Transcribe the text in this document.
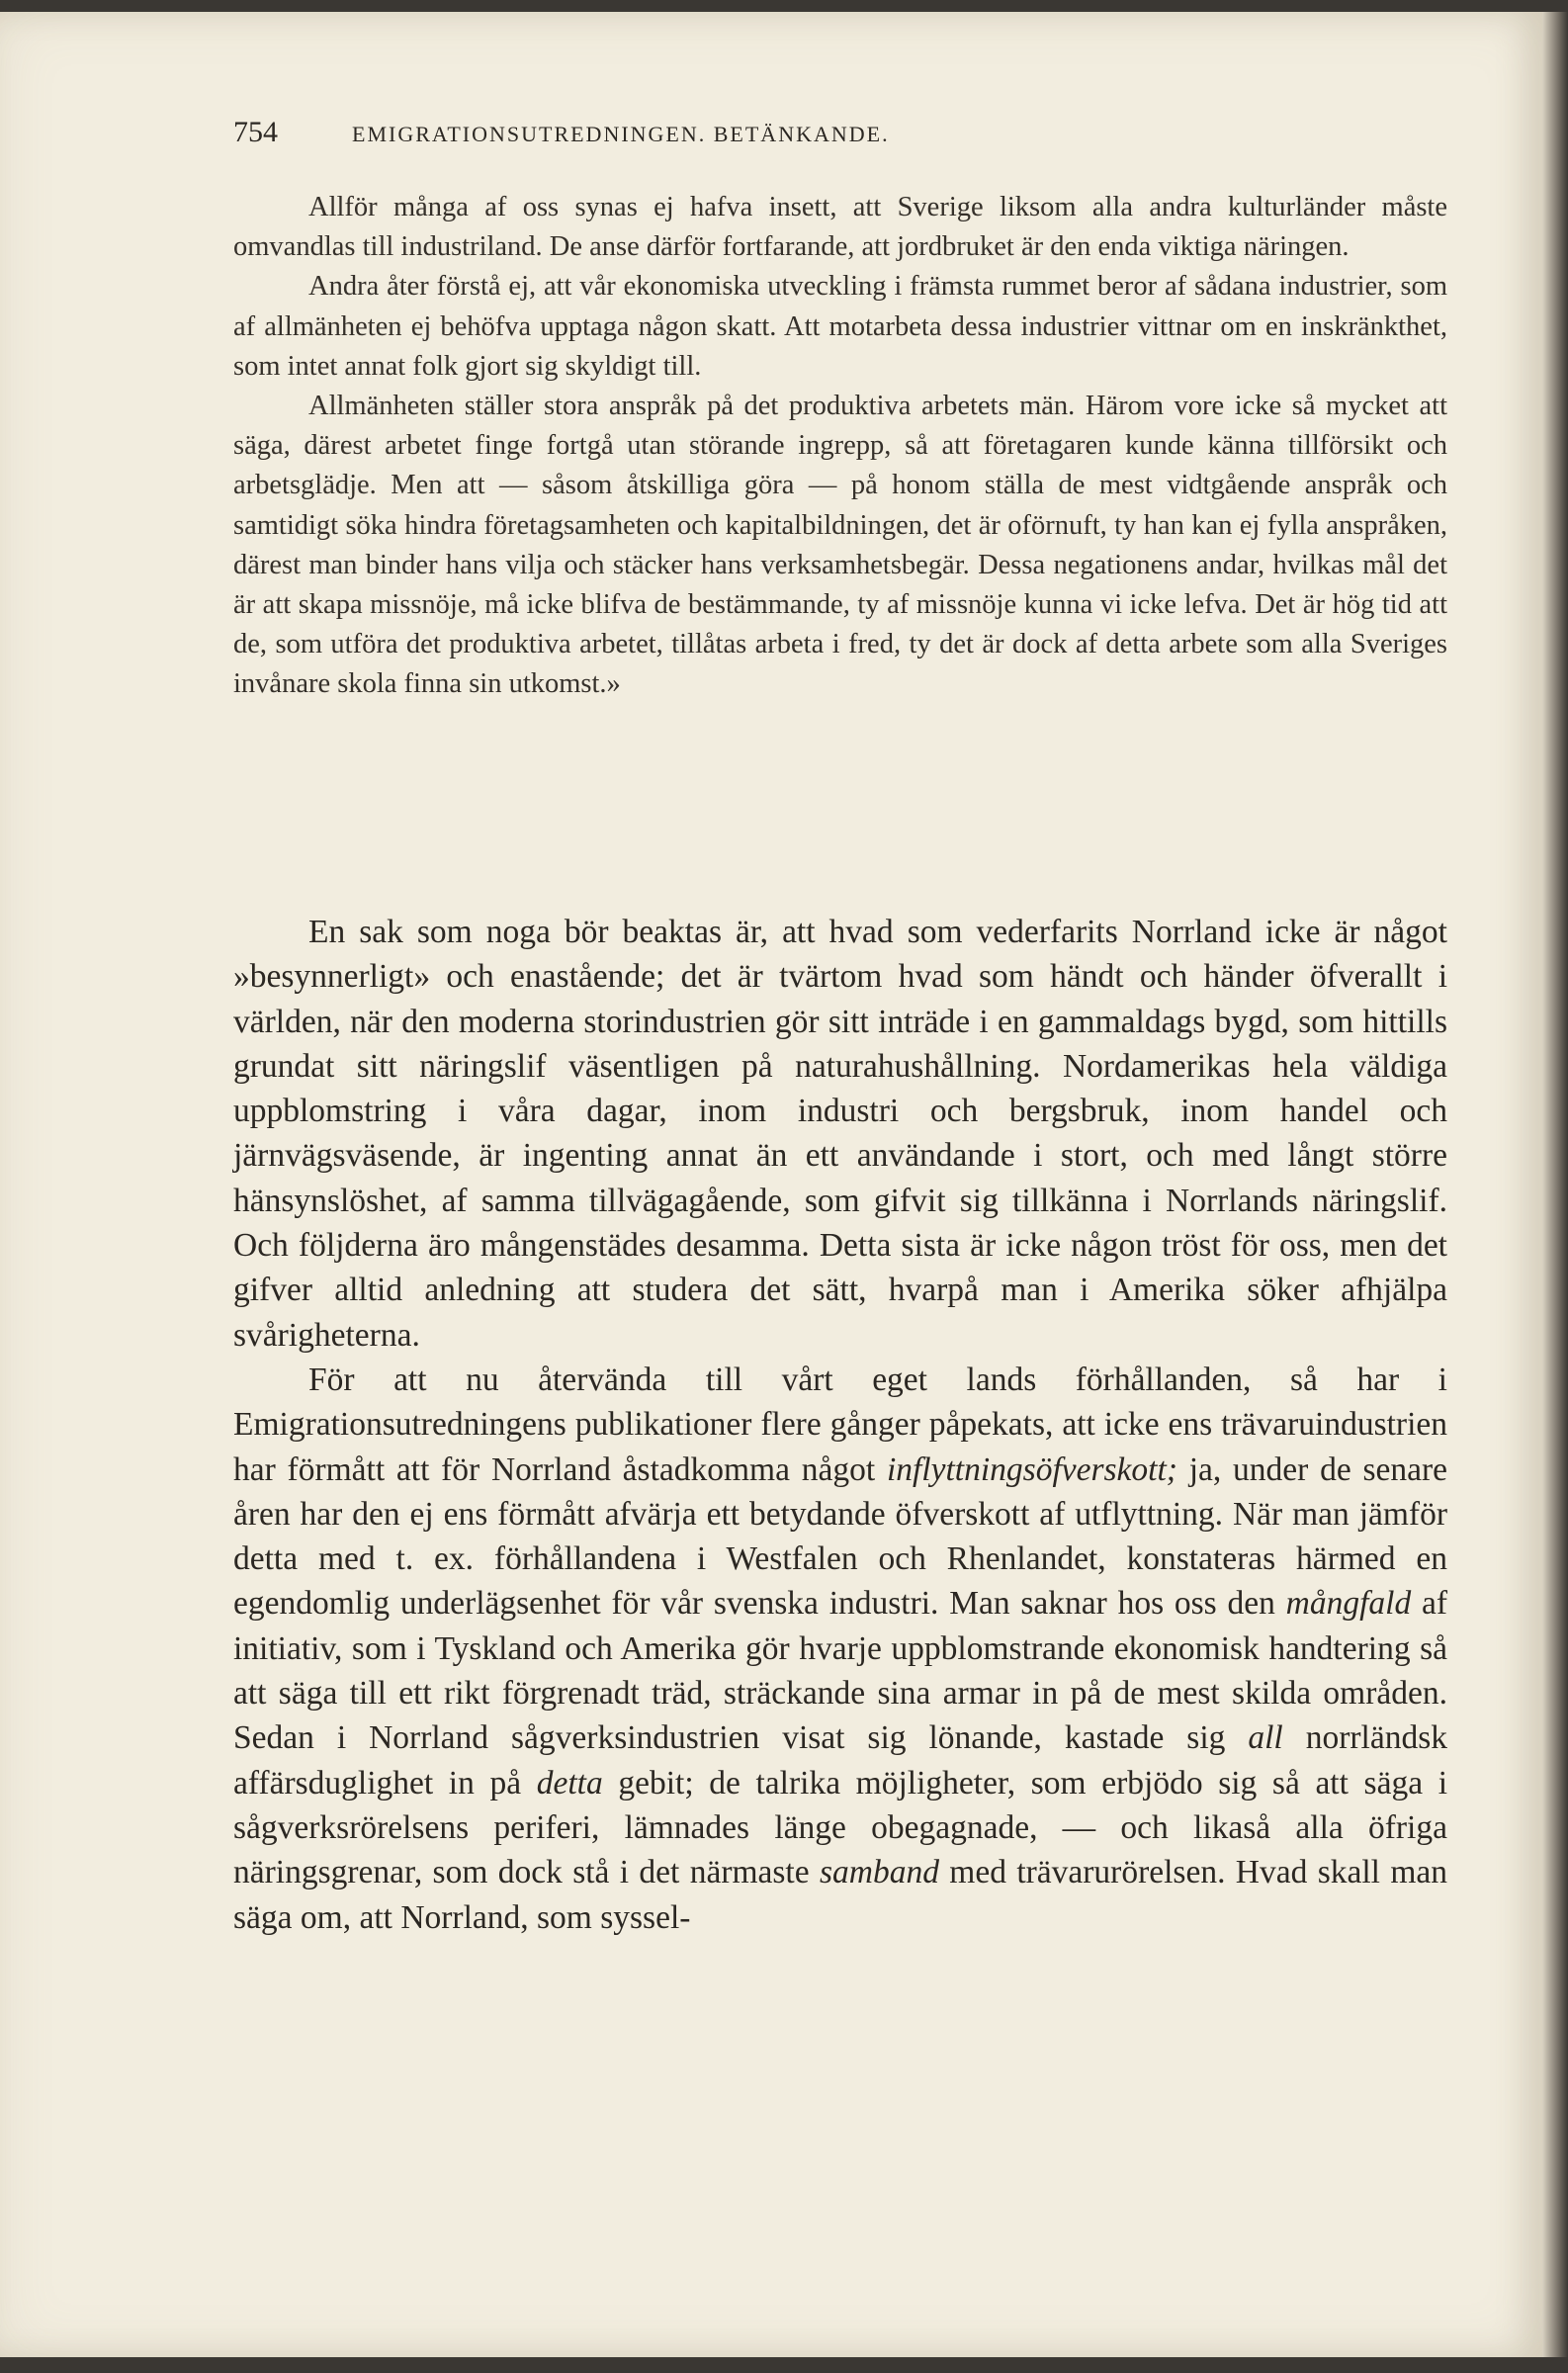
754	EMIGRATIONSUTREDNINGEN. BETÄNKANDE.

Allför många af oss synas ej hafva insett, att Sverige liksom alla andra kulturländer måste omvandlas till industriland. De anse därför fortfarande, att jordbruket är den enda viktiga näringen.

Andra åter förstå ej, att vår ekonomiska utveckling i främsta rummet beror af sådana industrier, som af allmänheten ej behöfva upptaga någon skatt. Att motarbeta dessa industrier vittnar om en inskränkthet, som intet annat folk gjort sig skyldigt till.

Allmänheten ställer stora anspråk på det produktiva arbetets män. Härom vore icke så mycket att säga, därest arbetet finge fortgå utan störande ingrepp, så att företagaren kunde känna tillförsikt och arbetsglädje. Men att — såsom åtskilliga göra — på honom ställa de mest vidtgående anspråk och samtidigt söka hindra företagsamheten och kapitalbildningen, det är oförnuft, ty han kan ej fylla anspråken, därest man binder hans vilja och stäcker hans verksamhetsbegär. Dessa negationens andar, hvilkas mål det är att skapa missnöje, må icke blifva de bestämmande, ty af missnöje kunna vi icke lefva. Det är hög tid att de, som utföra det produktiva arbetet, tillåtas arbeta i fred, ty det är dock af detta arbete som alla Sveriges invånare skola finna sin utkomst.»

En sak som noga bör beaktas är, att hvad som vederfarits Norrland icke är något »besynnerligt» och enastående; det är tvärtom hvad som händt och händer öfverallt i världen, när den moderna storindustrien gör sitt inträde i en gammaldags bygd, som hittills grundat sitt näringslif väsentligen på naturahushållning. Nordamerikas hela väldiga uppblomstring i våra dagar, inom industri och bergsbruk, inom handel och järnvägsväsende, är ingenting annat än ett användande i stort, och med långt större hänsynslöshet, af samma tillvägagående, som gifvit sig tillkänna i Norrlands näringslif. Och följderna äro mångenstädes desamma. Detta sista är icke någon tröst för oss, men det gifver alltid anledning att studera det sätt, hvarpå man i Amerika söker afhjälpa svårigheterna.

För att nu återvända till vårt eget lands förhållanden, så har i Emigrationsutredningens publikationer flere gånger påpekats, att icke ens trävaruindustrien har förmått att för Norrland åstadkomma något inflyttningsöfverskott; ja, under de senare åren har den ej ens förmått afvärja ett betydande öfverskott af utflyttning. När man jämför detta med t. ex. förhållandena i Westfalen och Rhenlandet, konstateras härmed en egendomlig underlägsenhet för vår svenska industri. Man saknar hos oss den mångfald af initiativ, som i Tyskland och Amerika gör hvarje uppblomstrande ekonomisk handtering så att säga till ett rikt förgrenadt träd, sträckande sina armar in på de mest skilda områden. Sedan i Norrland sågverksindustrien visat sig lönande, kastade sig all norrländsk affärsduglighet in på detta gebit; de talrika möjligheter, som erbjödo sig så att säga i sågverksrörelsens periferi, lämnades länge obegagnade, — och likaså alla öfriga näringsgrenar, som dock stå i det närmaste samband med trävarurörelsen. Hvad skall man säga om, att Norrland, som syssel-
